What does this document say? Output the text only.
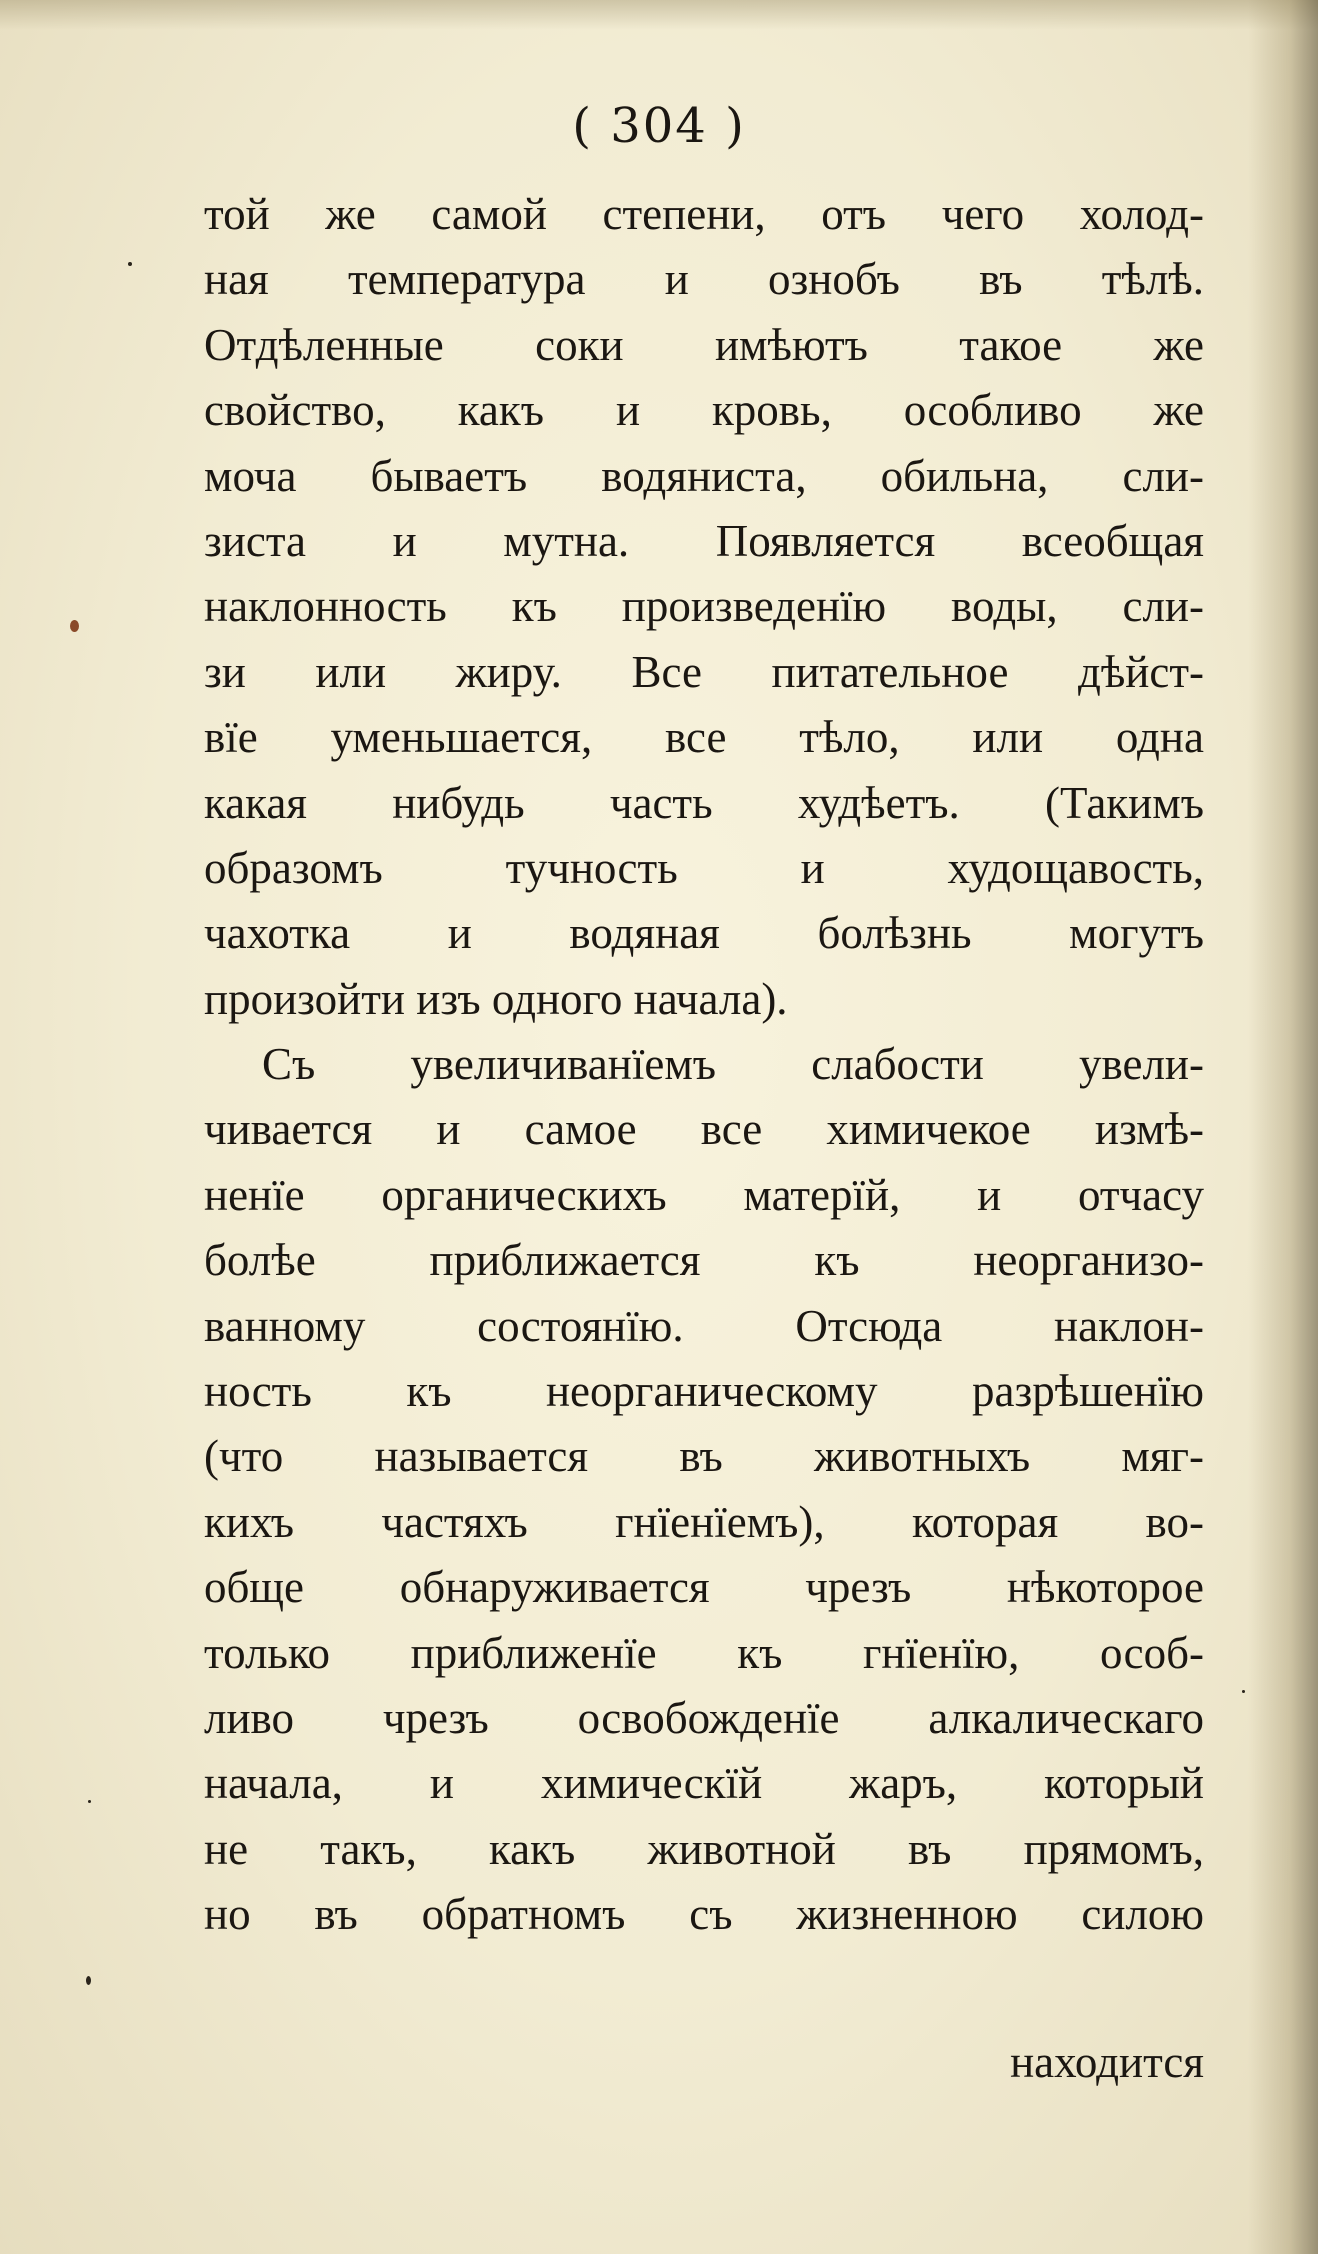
( 304 )
той же самой степени, отъ чего холод-
ная температура и ознобъ въ тѣлѣ.
Отдѣленные соки имѣютъ такое же
свойство, какъ и кровь, особливо же
моча бываетъ водяниста, обильна, сли-
зиста и мутна. Появляется всеобщая
наклонность къ произведенїю воды, сли-
зи или жиру. Все питательное дѣйст-
вїе уменьшается, все тѣло, или одна
какая нибудь часть худѣетъ. (Такимъ
образомъ тучность и худощавость,
чахотка и водяная болѣзнь могутъ
произойти изъ одного начала).
Съ увеличиванїемъ слабости увели-
чивается и самое все химичекое измѣ-
ненїе органическихъ матерїй, и отчасу
болѣе приближается къ неорганизо-
ванному состоянїю. Отсюда наклон-
ность къ неорганическому разрѣшенїю
(что называется въ животныхъ мяг-
кихъ частяхъ гнїенїемъ), которая во-
обще обнаруживается чрезъ нѣкоторое
только приближенїе къ гнїенїю, особ-
ливо чрезъ освобожденїе алкалическаго
начала, и химическїй жаръ, который
не такъ, какъ животной въ прямомъ,
но въ обратномъ съ жизненною силою
находится
